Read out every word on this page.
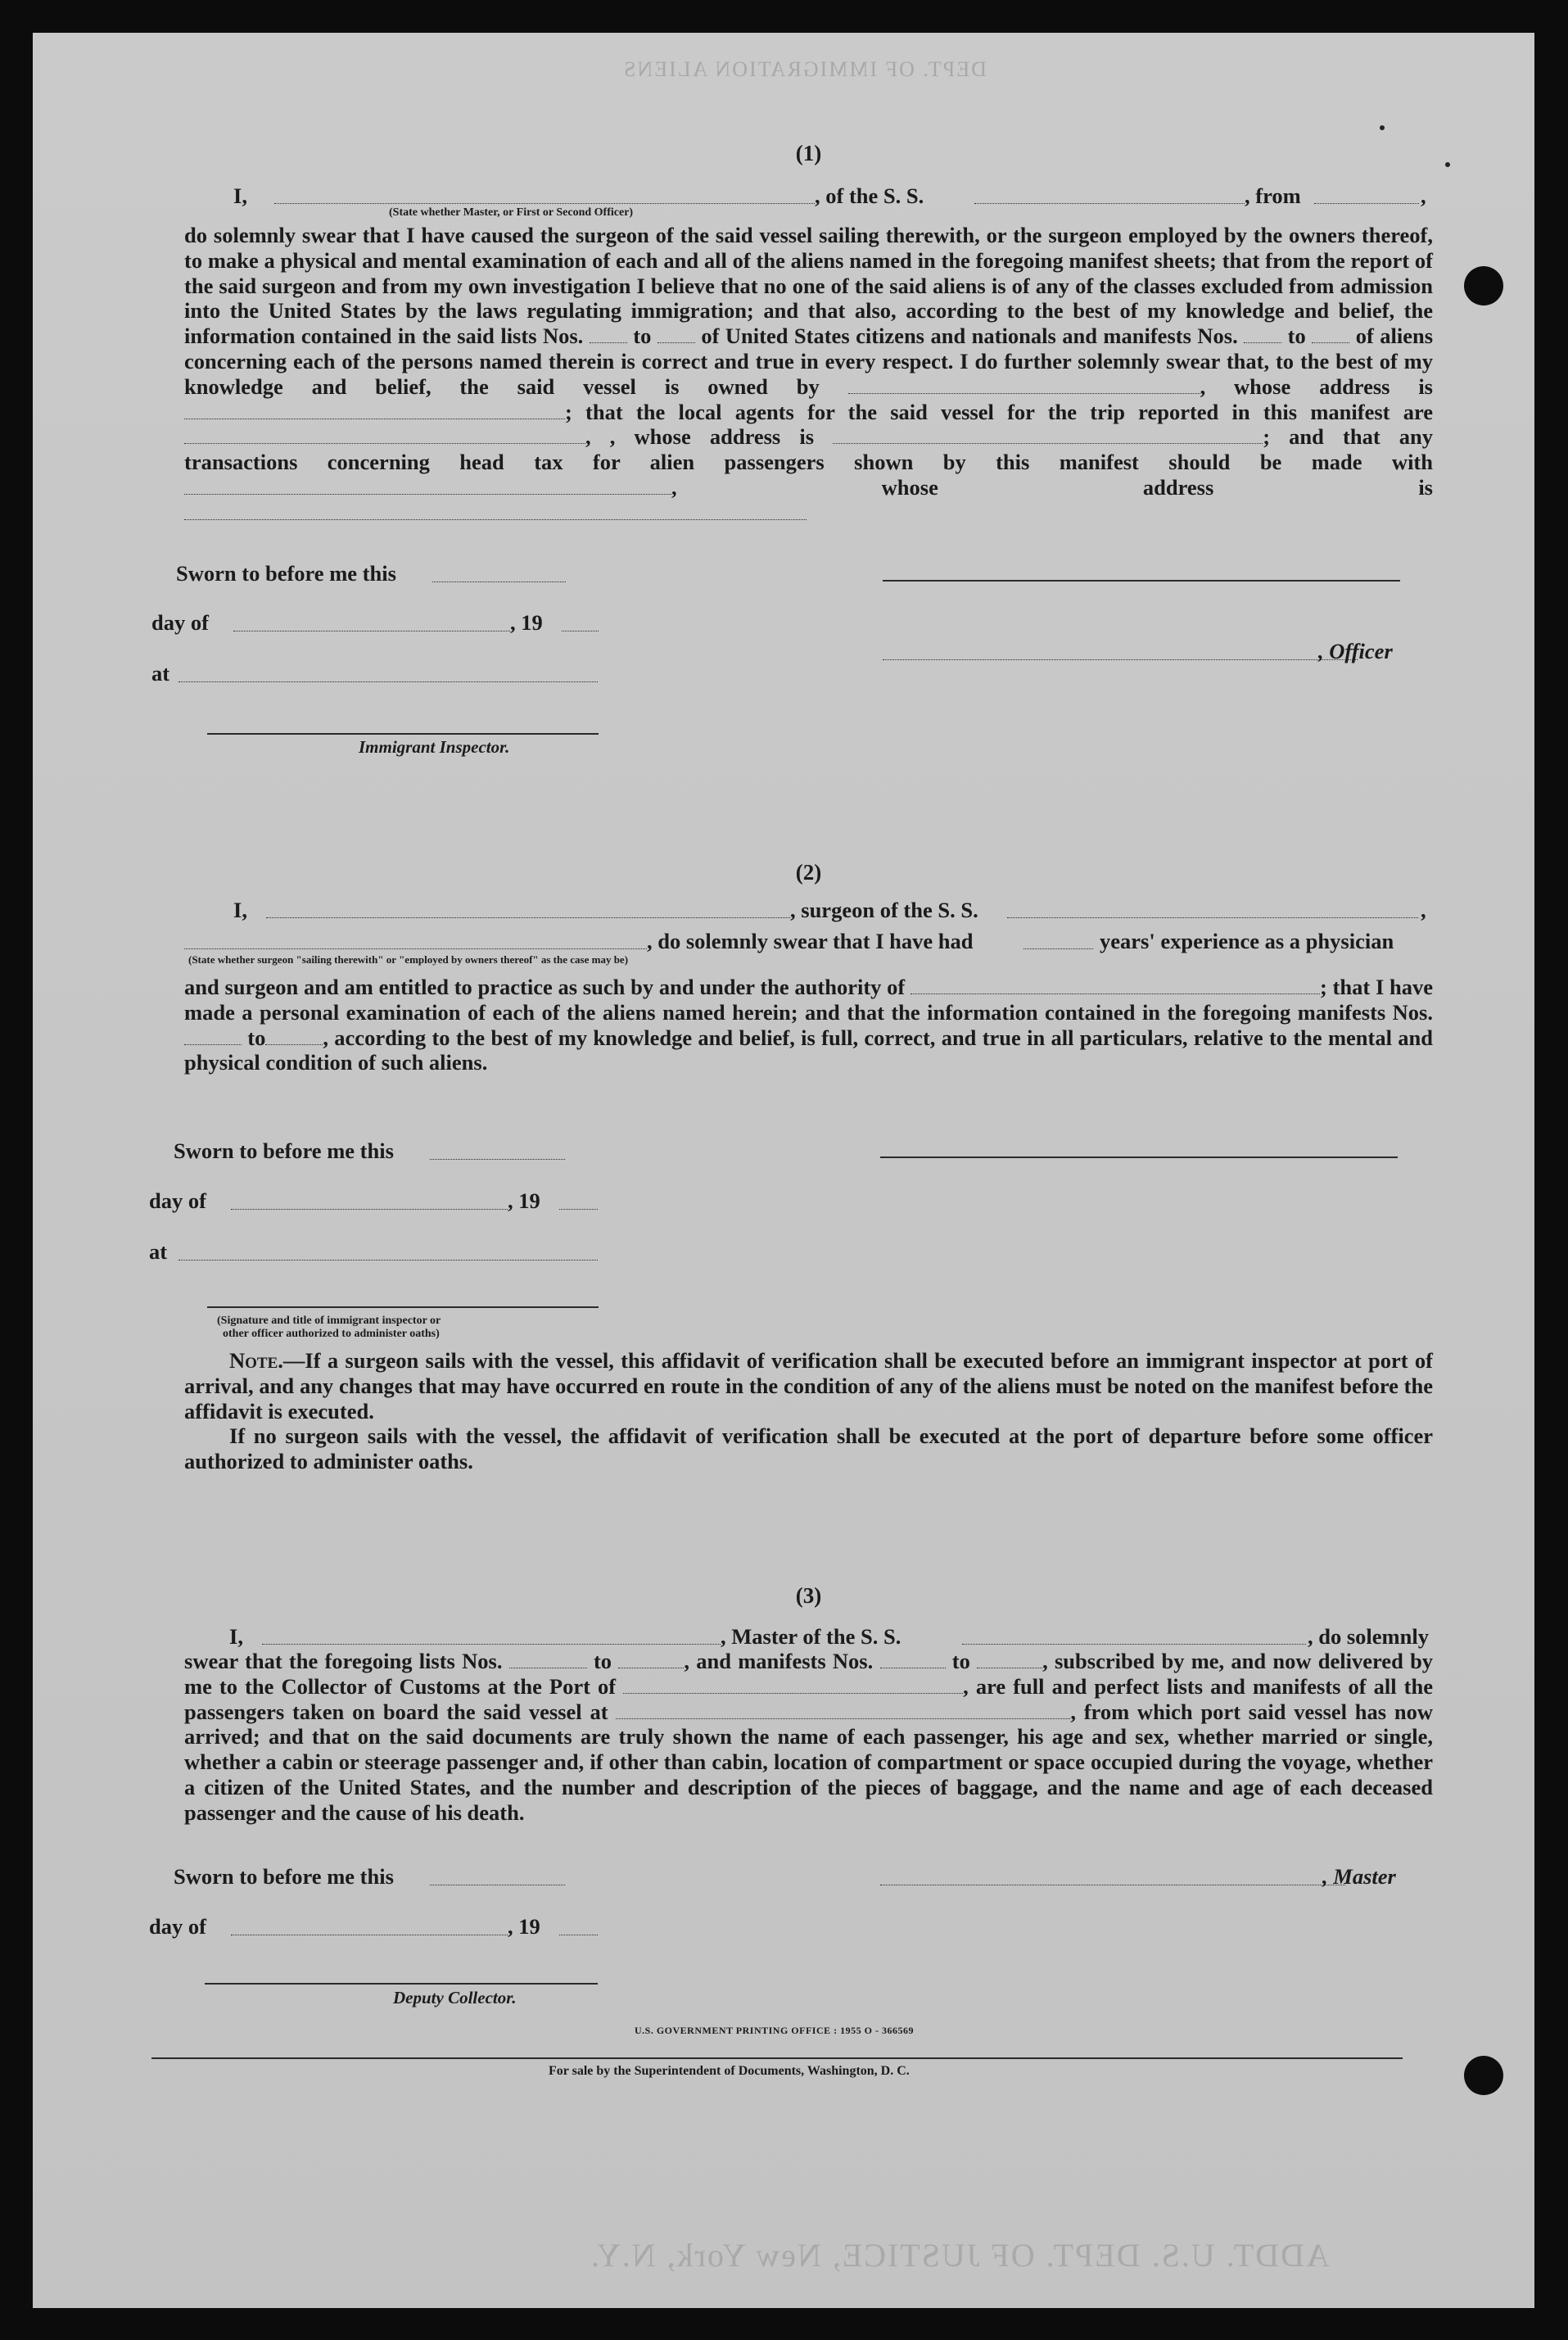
(1)
I,	, of the S. S.	, from	,
(State whether Master, or First or Second Officer)

do solemnly swear that I have caused the surgeon of the said vessel sailing therewith, or the surgeon employed by the owners thereof, to make a physical and mental examination of each and all of the aliens named in the foregoing manifest sheets; that from the report of the said surgeon and from my own investigation I believe that no one of the said aliens is of any of the classes excluded from admission into the United States by the laws regulating immigration; and that also, according to the best of my knowledge and belief, the information contained in the said lists Nos. to of United States citizens and nationals and manifests Nos. to of aliens concerning each of the persons named therein is correct and true in every respect. I do further solemnly swear that, to the best of my knowledge and belief, the said vessel is owned by	, whose address is ; that the local agents for the said vessel for the trip reported in this manifest are , , whose address is	; and that any transactions concerning head tax for alien passengers shown by this manifest should be made with , whose address is

Sworn to before me this
day of	, 19
at
Immigrant Inspector.
, Officer
(2)
I,	, surgeon of the S. S.	,
, do solemnly swear that I have had	years' experience as a physician
(State whether surgeon "sailing therewith" or "employed by owners thereof" as the case may be)

and surgeon and am entitled to practice as such by and under the authority of	; that I have made a personal examination of each of the aliens named herein; and that the information contained in the foregoing manifests Nos.  to	, according to the best of my knowledge and belief, is full, correct, and true in all particulars, relative to the mental and physical condition of such aliens.

Sworn to before me this
day of	, 19
at
(Signature and title of immigrant inspector or
other officer authorized to administer oaths)

Note.—If a surgeon sails with the vessel, this affidavit of verification shall be executed before an immigrant inspector at port of arrival, and any changes that may have occurred en route in the condition of any of the aliens must be noted on the manifest before the affidavit is executed.

If no surgeon sails with the vessel, the affidavit of verification shall be executed at the port of departure before some officer authorized to administer oaths.

(3)
I,	, Master of the S. S.	, do solemnly

swear that the foregoing lists Nos.	to	, and manifests Nos.	to	, subscribed by me, and now delivered by me to the Collector of Customs at the Port of	, are full and perfect lists and manifests of all the passengers taken on board the said vessel at	, from which port said vessel has now arrived; and that on the said documents are truly shown the name of each passenger, his age and sex, whether married or single, whether a cabin or steerage passenger and, if other than cabin, location of compartment or space occupied during the voyage, whether a citizen of the United States, and the number and description of the pieces of baggage, and the name and age of each deceased passenger and the cause of his death.

Sworn to before me this
day of	, 19
Deputy Collector.
, Master
U.S. GOVERNMENT PRINTING OFFICE : 1955 O - 366569
For sale by the Superintendent of Documents, Washington, D. C.
ADDT. U.S. DEPT. OF JUSTICE, New York, N.Y.
DEPT. OF IMMIGRATION ALIENS
